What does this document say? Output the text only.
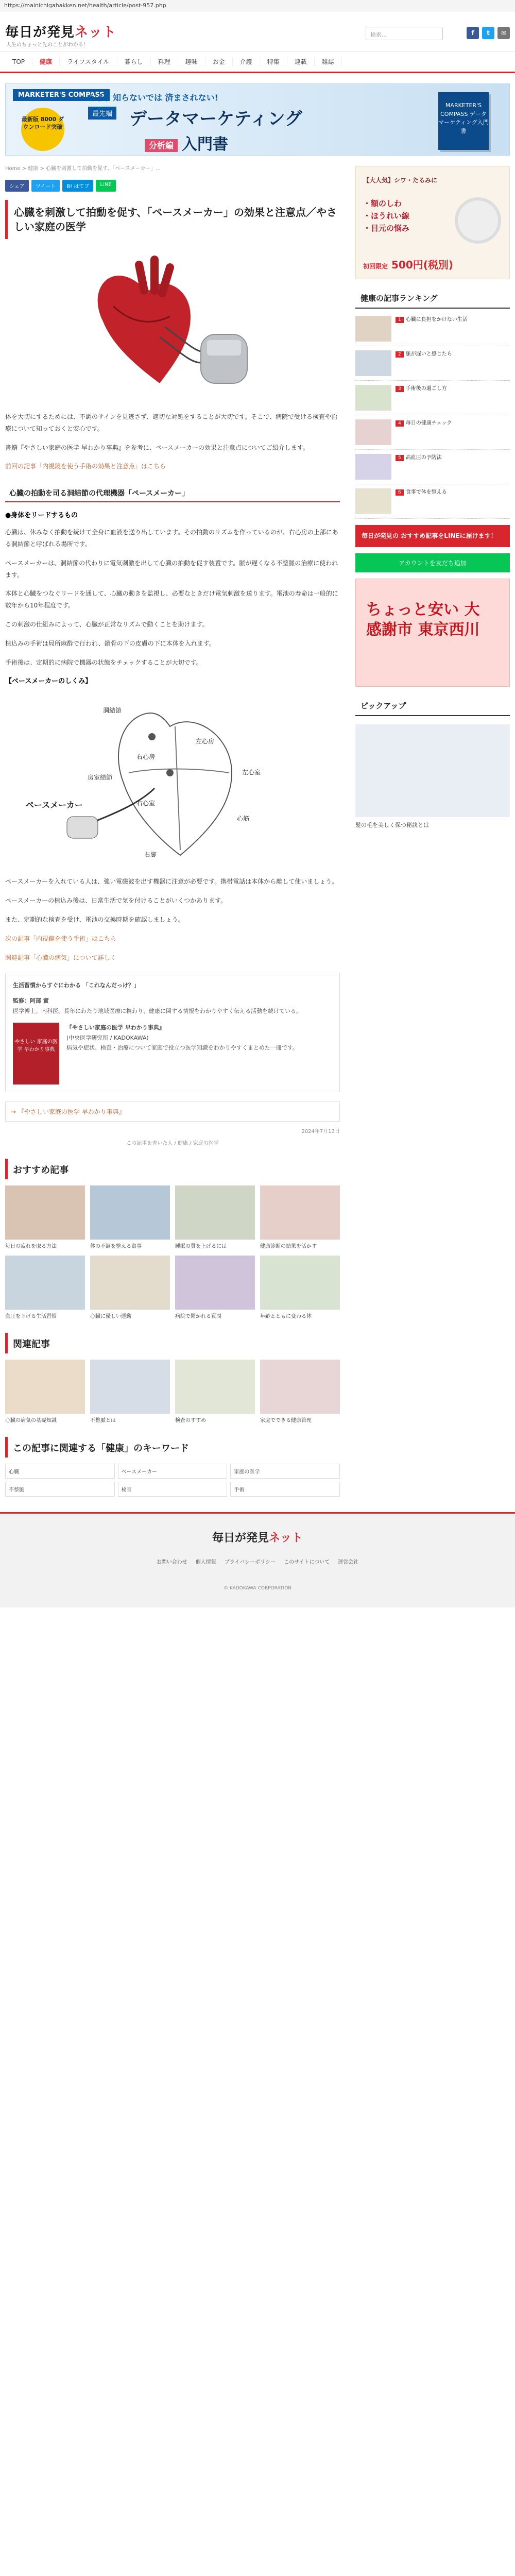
https://mainichigahakken.net/health/article/post-957.php
毎日が発見ネット
人生のちょっと先のことがわかる！
検索...	f	t	✉
TOP	健康	ライフスタイル	暮らし	料理	趣味	お金	介護	特集	連載	雑誌
MARKETER'S COMPASS
最新版 8000 ダウンロード突破
もう、知らないでは 済まされない!
最先端 データマーケティング
分析編 入門書
MARKETER'S COMPASS データマーケティング入門書
Home > 健康 > 心臓を刺激して拍動を促す、「ペースメーカー」...
シェア	ツイート	B! はてブ	LINE
心臓を刺激して拍動を促す、「ペースメーカー」の効果と注意点／やさしい家庭の医学

体を大切にするためには、不調のサインを見逃さず、適切な対処をすることが大切です。そこで、病院で受ける検査や治療について知っておくと安心です。

書籍『やさしい家庭の医学 早わかり事典』を参考に、ペースメーカーの効果と注意点についてご紹介します。

前回の記事「内視鏡を使う手術の効果と注意点」はこちら

心臓の拍動を司る洞結節の代理機器「ペースメーカー」
●身体をリードするもの

心臓は、休みなく拍動を続けて全身に血液を送り出しています。その拍動のリズムを作っているのが、右心房の上部にある洞結節と呼ばれる場所です。

ペースメーカーは、洞結節の代わりに電気刺激を出して心臓の拍動を促す装置です。脈が遅くなる不整脈の治療に使われます。

本体と心臓をつなぐリードを通して、心臓の動きを監視し、必要なときだけ電気刺激を送ります。電池の寿命は一般的に数年から10年程度です。

この刺激の仕組みによって、心臓が正常なリズムで動くことを助けます。

植込みの手術は局所麻酔で行われ、鎖骨の下の皮膚の下に本体を入れます。

手術後は、定期的に病院で機器の状態をチェックすることが大切です。

【ペースメーカーのしくみ】
洞結節
右心房
左心房
房室結節
右心室
左心室
ペースメーカー
心筋
右脚

ペースメーカーを入れている人は、強い電磁波を出す機器に注意が必要です。携帯電話は本体から離して使いましょう。

ペースメーカーの植込み後は、日常生活で気を付けることがいくつかあります。

また、定期的な検査を受け、電池の交換時期を確認しましょう。

次の記事「内視鏡を使う手術」はこちら

関連記事「心臓の病気」について詳しく

生活習慣からすぐにわかる 「これなんだっけ？」
監修：阿部 實
医学博士。内科医。長年にわたり地域医療に携わり、健康に関する情報をわかりやすく伝える活動を続けている。
やさしい 家庭の医学 早わかり事典
『やさしい家庭の医学 早わかり事典』
(中央医学研究所 / KADOKAWA)
病気や症状、検査・治療について家庭で役立つ医学知識をわかりやすくまとめた一冊です。
→ 『やさしい家庭の医学 早わかり事典』
2024年7月13日
この記事を書いた人 / 健康 / 家庭の医学
おすすめ記事
毎日の疲れを取る方法	体の不調を整える食事	睡眠の質を上げるには	健康診断の結果を活かす
血圧を下げる生活習慣	心臓に優しい運動	病院で聞かれる質問	年齢とともに変わる体
関連記事
心臓の病気の基礎知識	不整脈とは	検査のすすめ	家庭でできる健康管理
この記事に関連する「健康」のキーワード
心臓	ペースメーカー	家庭の医学
不整脈	検査	手術
【大人気】シワ・たるみに
・額のしわ
・ほうれい線
・目元の悩み
初回限定 500円(税別)
健康の記事ランキング
1 心臓に負担をかけない生活
2 脈が遅いと感じたら
3 手術後の過ごし方
4 毎日の健康チェック
5 高血圧の予防法
6 食事で体を整える
毎日が発見の おすすめ記事をLINEに届けます！
アカウントを友だち追加
ちょっと安い 大感謝市 東京西川
ピックアップ

髪の毛を美しく保つ秘訣とは

毎日が発見ネット
お問い合わせ 個人情報 プライバシーポリシー このサイトについて 運営会社
© KADOKAWA CORPORATION
